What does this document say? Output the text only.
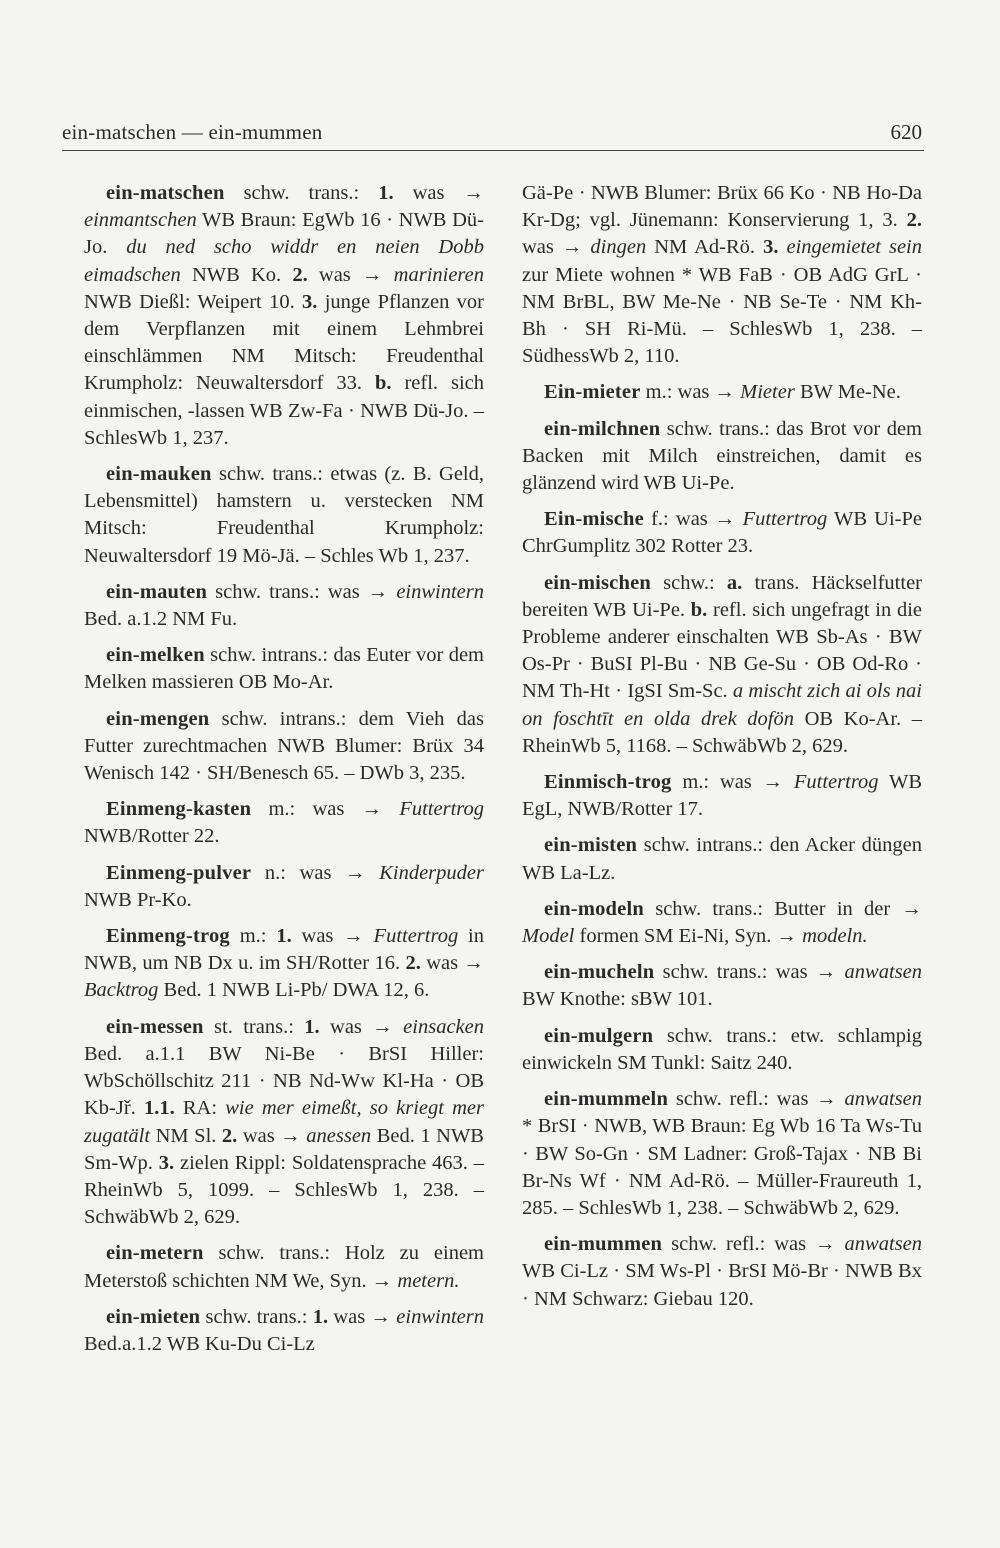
ein-matschen — ein-mummen	620

ein-matschen schw. trans.: 1. was → einmantschen WB Braun: EgWb 16 · NWB Dü-Jo. du ned scho widdr en neien Dobb eimadschen NWB Ko. 2. was → marinieren NWB Dießl: Weipert 10. 3. junge Pflanzen vor dem Verpflanzen mit einem Lehmbrei einschlämmen NM Mitsch: Freudenthal Krumpholz: Neuwaltersdorf 33. b. refl. sich einmischen, -lassen WB Zw-Fa · NWB Dü-Jo. – SchlesWb 1, 237.

ein-mauken schw. trans.: etwas (z. B. Geld, Lebensmittel) hamstern u. verstecken NM Mitsch: Freudenthal Krumpholz: Neuwaltersdorf 19 Mö-Jä. – Schles Wb 1, 237.

ein-mauten schw. trans.: was → einwintern Bed. a.1.2 NM Fu.

ein-melken schw. intrans.: das Euter vor dem Melken massieren OB Mo-Ar.

ein-mengen schw. intrans.: dem Vieh das Futter zurechtmachen NWB Blumer: Brüx 34 Wenisch 142 · SH/Benesch 65. – DWb 3, 235.

Einmeng-kasten m.: was → Futtertrog NWB/Rotter 22.

Einmeng-pulver n.: was → Kinderpuder NWB Pr-Ko.

Einmeng-trog m.: 1. was → Futtertrog in NWB, um NB Dx u. im SH/Rotter 16. 2. was → Backtrog Bed. 1 NWB Li-Pb/ DWA 12, 6.

ein-messen st. trans.: 1. was → einsacken Bed. a.1.1 BW Ni-Be · BrSI Hiller: WbSchöllschitz 211 · NB Nd-Ww Kl-Ha · OB Kb-Jř. 1.1. RA: wie mer eimeßt, so kriegt mer zugatält NM Sl. 2. was → anessen Bed. 1 NWB Sm-Wp. 3. zielen Rippl: Soldatensprache 463. – RheinWb 5, 1099. – SchlesWb 1, 238. – SchwäbWb 2, 629.

ein-metern schw. trans.: Holz zu einem Meterstoß schichten NM We, Syn. → metern.

ein-mieten schw. trans.: 1. was → einwintern Bed.a.1.2 WB Ku-Du Ci-Lz

Gä-Pe · NWB Blumer: Brüx 66 Ko · NB Ho-Da Kr-Dg; vgl. Jünemann: Konservierung 1, 3. 2. was → dingen NM Ad-Rö. 3. eingemietet sein zur Miete wohnen * WB FaB · OB AdG GrL · NM BrBL, BW Me-Ne · NB Se-Te · NM Kh-Bh · SH Ri-Mü. – SchlesWb 1, 238. – SüdhessWb 2, 110.

Ein-mieter m.: was → Mieter BW Me-Ne.

ein-milchnen schw. trans.: das Brot vor dem Backen mit Milch einstreichen, damit es glänzend wird WB Ui-Pe.

Ein-mische f.: was → Futtertrog WB Ui-Pe ChrGumplitz 302 Rotter 23.

ein-mischen schw.: a. trans. Häckselfutter bereiten WB Ui-Pe. b. refl. sich ungefragt in die Probleme anderer einschalten WB Sb-As · BW Os-Pr · BuSI Pl-Bu · NB Ge-Su · OB Od-Ro · NM Th-Ht · IgSI Sm-Sc. a mischt zich ai ols nai on foschtīt en olda drek dofön OB Ko-Ar. – RheinWb 5, 1168. – SchwäbWb 2, 629.

Einmisch-trog m.: was → Futtertrog WB EgL, NWB/Rotter 17.

ein-misten schw. intrans.: den Acker düngen WB La-Lz.

ein-modeln schw. trans.: Butter in der → Model formen SM Ei-Ni, Syn. → modeln.

ein-mucheln schw. trans.: was → anwatsen BW Knothe: sBW 101.

ein-mulgern schw. trans.: etw. schlampig einwickeln SM Tunkl: Saitz 240.

ein-mummeln schw. refl.: was → anwatsen * BrSI · NWB, WB Braun: Eg Wb 16 Ta Ws-Tu · BW So-Gn · SM Ladner: Groß-Tajax · NB Bi Br-Ns Wf · NM Ad-Rö. – Müller-Fraureuth 1, 285. – SchlesWb 1, 238. – SchwäbWb 2, 629.

ein-mummen schw. refl.: was → anwatsen WB Ci-Lz · SM Ws-Pl · BrSI Mö-Br · NWB Bx · NM Schwarz: Giebau 120.
